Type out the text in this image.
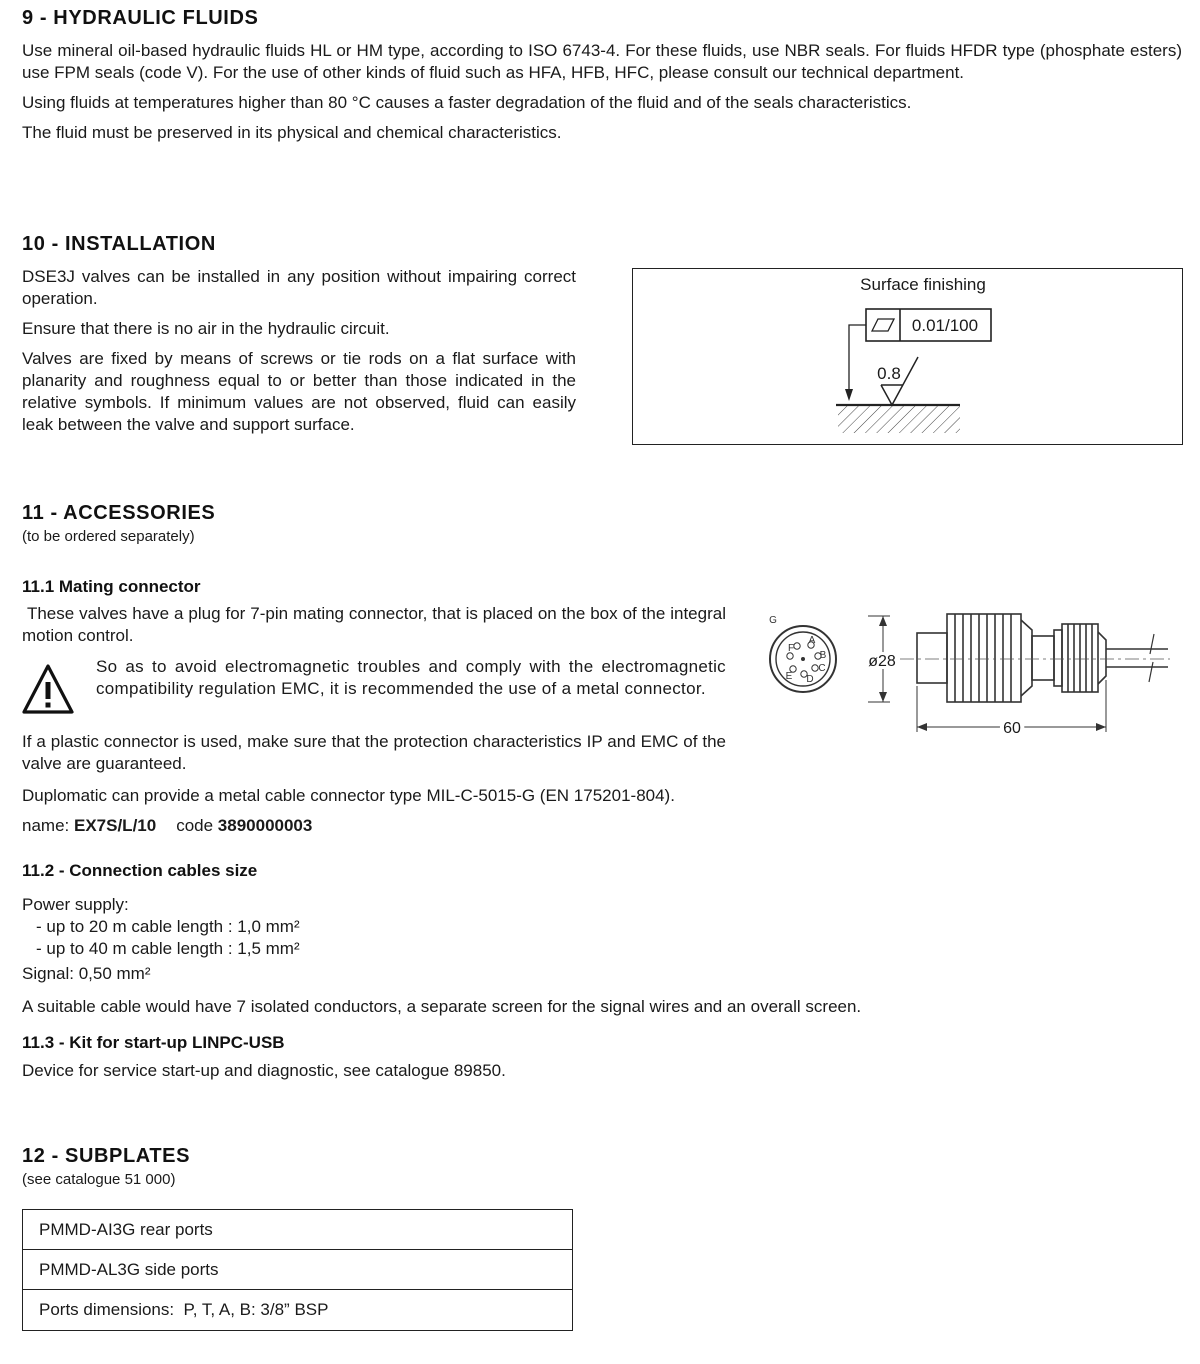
9 - HYDRAULIC FLUIDS

Use mineral oil-based hydraulic fluids HL or HM type, according to ISO 6743-4. For these fluids, use NBR seals. For fluids HFDR type (phosphate esters) use FPM seals (code V). For the use of other kinds of fluid such as HFA, HFB, HFC, please consult our technical department.

Using fluids at temperatures higher than 80 °C causes a faster degradation of the fluid and of the seals characteristics.

The fluid must be preserved in its physical and chemical characteristics.

10 - INSTALLATION

DSE3J valves can be installed in any position without impairing correct operation.

Ensure that there is no air in the hydraulic circuit.

Valves are fixed by means of screws or tie rods on a flat surface with planarity and roughness equal to or better than those indicated in the relative symbols. If minimum values are not observed, fluid can easily leak between the valve and support surface.

Surface finishing
0.01/100
0.8
11 - ACCESSORIES

(to be ordered separately)

11.1 Mating connector

These valves have a plug for 7-pin mating connector, that is placed on the box of the integral motion control.

So as to avoid electromagnetic troubles and comply with the electromagnetic compatibility regulation EMC, it is recommended the use of a metal connector.

If a plastic connector is used, make sure that the protection characteristics IP and EMC of the valve are guaranteed.

Duplomatic can provide a metal cable connector type MIL-C-5015-G (EN 175201-804).

name: EX7S/L/10 code 3890000003

G
A
B
C
D
E
F
ø28
60
11.2 - Connection cables size

Power supply:

- up to 20 m cable length : 1,0 mm²

- up to 40 m cable length : 1,5 mm²

Signal: 0,50 mm²

A suitable cable would have 7 isolated conductors, a separate screen for the signal wires and an overall screen.

11.3 - Kit for start-up LINPC-USB

Device for service start-up and diagnostic, see catalogue 89850.

12 - SUBPLATES

(see catalogue 51 000)

PMMD-AI3G rear ports
PMMD-AL3G side ports
Ports dimensions:  P, T, A, B: 3/8” BSP
